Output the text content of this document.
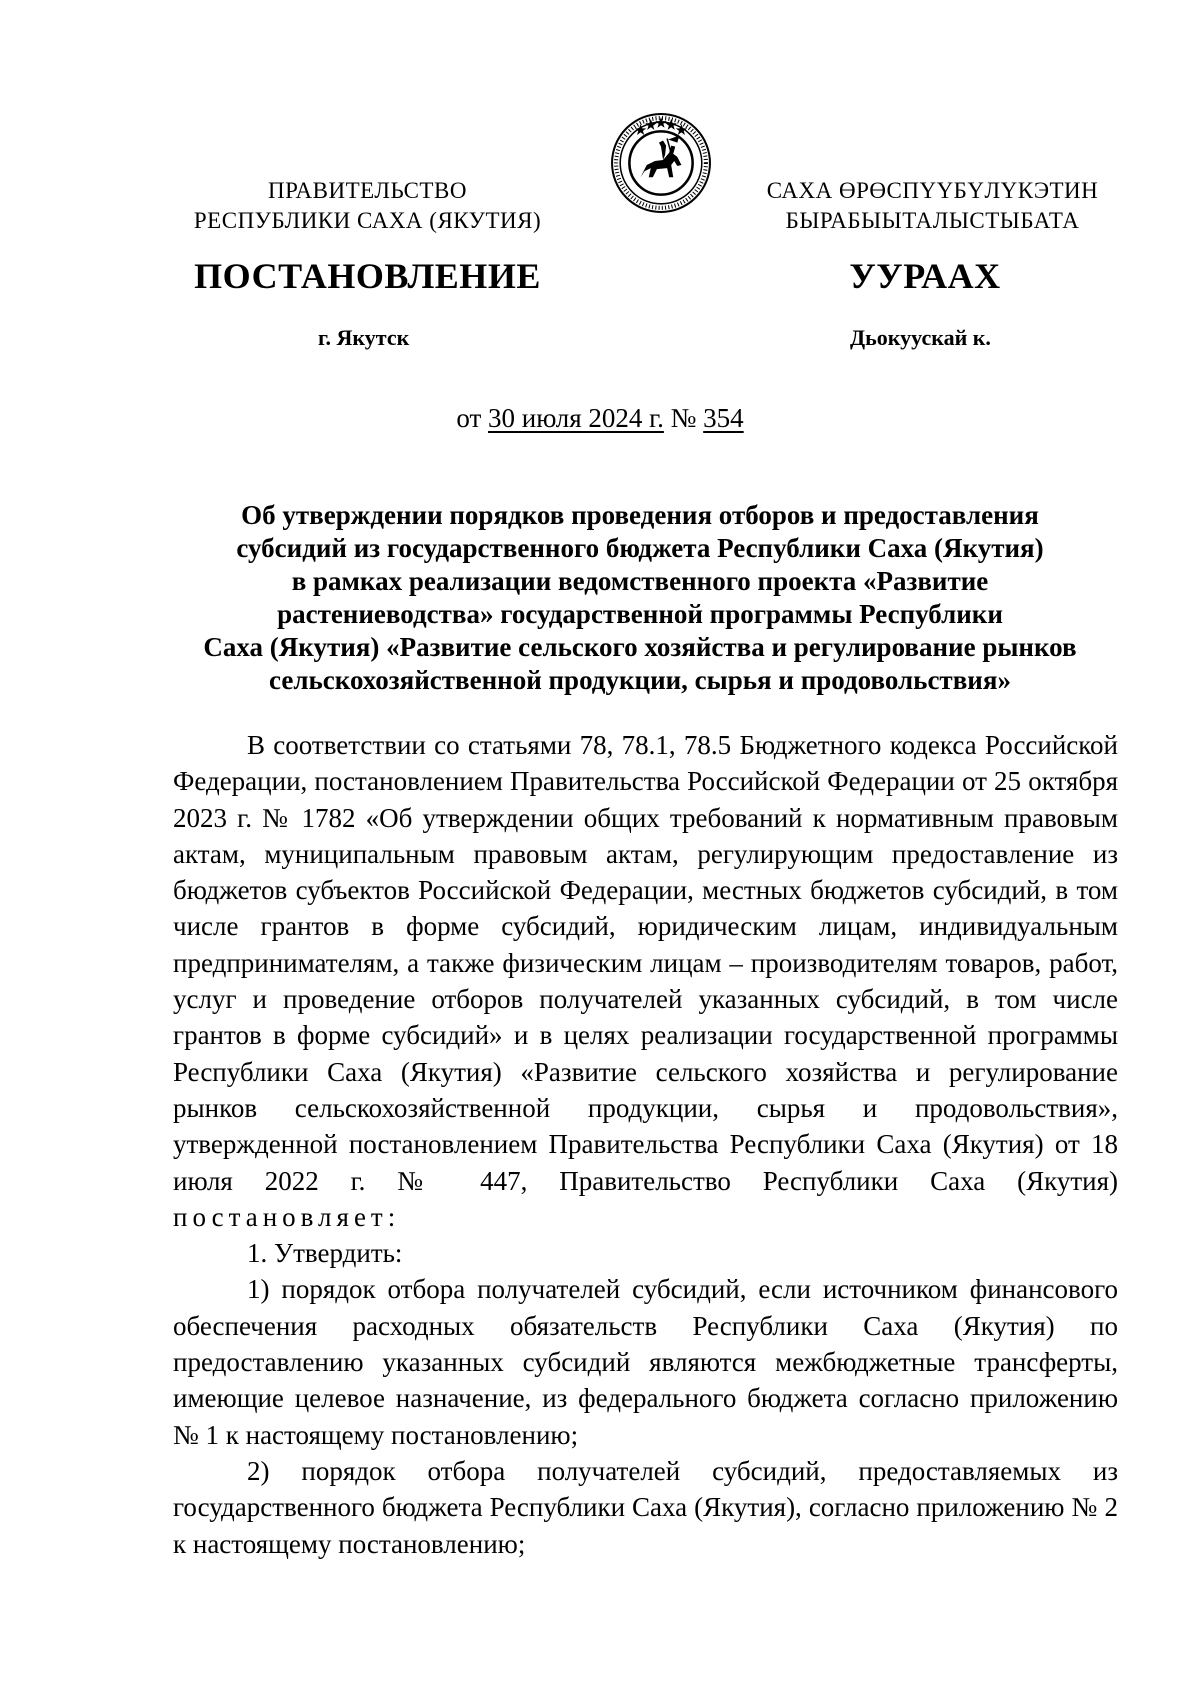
ПРАВИТЕЛЬСТВО
РЕСПУБЛИКИ САХА (ЯКУТИЯ)
САХА ӨРӨСПҮҮБҮЛҮКЭТИН
БЫРАБЫЫТАЛЫСТЫБАТА
ПОСТАНОВЛЕНИЕ	УУРААХ
г. Якутск	Дьокуускай к.
от 30 июля 2024 г. № 354
Об утверждении порядков проведения отборов и предоставления
субсидий из государственного бюджета Республики Саха (Якутия)
в рамках реализации ведомственного проекта «Развитие
растениеводства» государственной программы Республики
Саха (Якутия) «Развитие сельского хозяйства и регулирование рынков
сельскохозяйственной продукции, сырья и продовольствия»

В соответствии со статьями 78, 78.1, 78.5 Бюджетного кодекса Российской Федерации, постановлением Правительства Российской Федерации от 25 октября 2023 г. № 1782 «Об утверждении общих требований к нормативным правовым актам, муниципальным правовым актам, регулирующим предоставление из бюджетов субъектов Российской Федерации, местных бюджетов субсидий, в том числе грантов в форме субсидий, юридическим лицам, индивидуальным предпринимателям, а также физическим лицам – производителям товаров, работ, услуг и проведение отборов получателей указанных субсидий, в том числе грантов в форме субсидий» и в целях реализации государственной программы Республики Саха (Якутия) «Развитие сельского хозяйства и регулирование рынков сельскохозяйственной продукции, сырья и продовольствия», утвержденной постановлением Правительства Республики Саха (Якутия) от 18 июля 2022 г. № 447, Правительство Республики Саха (Якутия) постановляет:

1. Утвердить:

1) порядок отбора получателей субсидий, если источником финансового обеспечения расходных обязательств Республики Саха (Якутия) по предоставлению указанных субсидий являются межбюджетные трансферты, имеющие целевое назначение, из федерального бюджета согласно приложению № 1 к настоящему постановлению;

2) порядок отбора получателей субсидий, предоставляемых из государственного бюджета Республики Саха (Якутия), согласно приложению № 2 к настоящему постановлению;
